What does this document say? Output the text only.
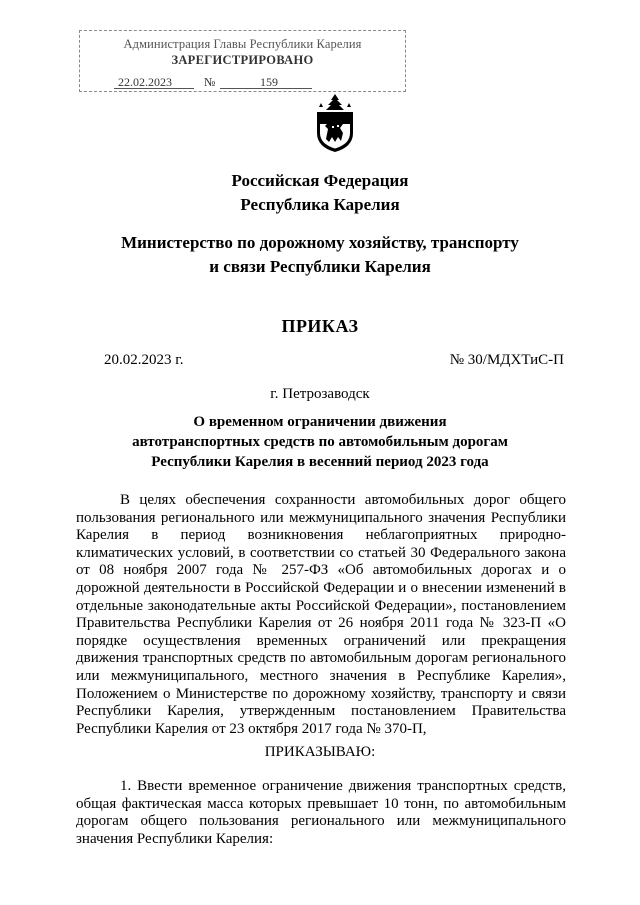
Администрация Главы Республики Карелия
ЗАРЕГИСТРИРОВАНО
22.02.2023	№	159
Российская Федерация
Республика Карелия
Министерство по дорожному хозяйству, транспорту
и связи Республики Карелия
ПРИКАЗ
20.02.2023 г.	№ 30/МДХТиС-П
г. Петрозаводск
О временном ограничении движения
автотранспортных средств по автомобильным дорогам
Республики Карелия в весенний период 2023 года
В целях обеспечения сохранности автомобильных дорог общего пользования регионального или межмуниципального значения Республики Карелия в период возникновения неблагоприятных природно-климатических условий, в соответствии со статьей 30 Федерального закона от 08 ноября 2007 года № 257-ФЗ «Об автомобильных дорогах и о дорожной деятельности в Российской Федерации и о внесении изменений в отдельные законодательные акты Российской Федерации», постановлением Правительства Республики Карелия от 26 ноября 2011 года № 323-П «О порядке осуществления временных ограничений или прекращения движения транспортных средств по автомобильным дорогам регионального или межмуниципального, местного значения в Республике Карелия», Положением о Министерстве по дорожному хозяйству, транспорту и связи Республики Карелия, утвержденным постановлением Правительства Республики Карелия от 23 октября 2017 года № 370-П,
ПРИКАЗЫВАЮ:
1. Ввести временное ограничение движения транспортных средств, общая фактическая масса которых превышает 10 тонн, по автомобильным дорогам общего пользования регионального или межмуниципального значения Республики Карелия:
